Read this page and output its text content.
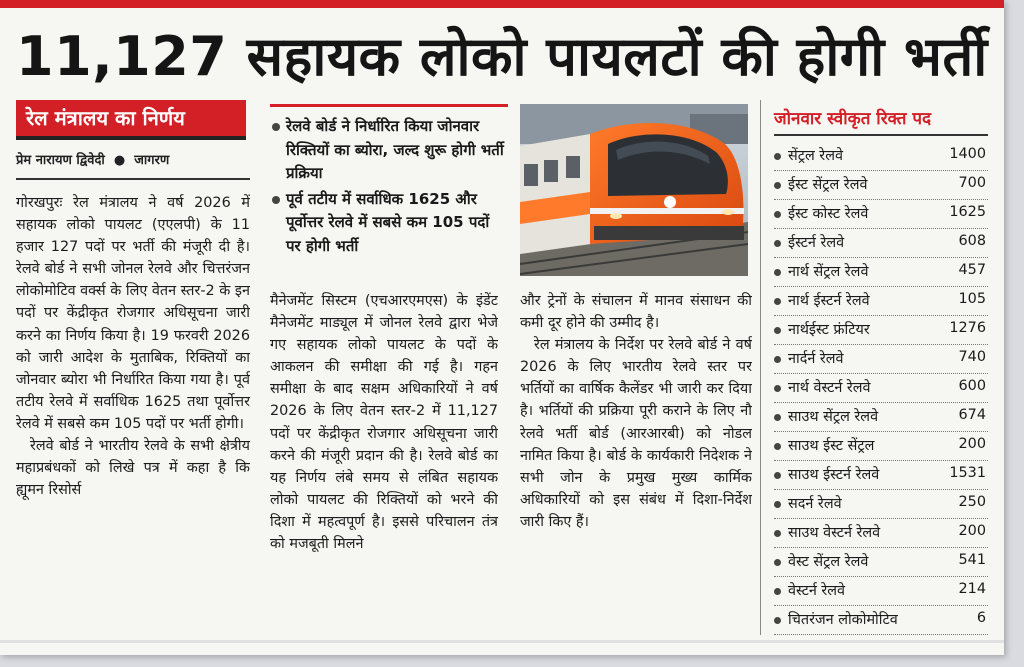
11,127 सहायक लोको पायलटों की होगी भर्ती
रेल मंत्रालय का निर्णय
प्रेम नारायण द्विवेदी  ●  जागरण

गोरखपुरः रेल मंत्रालय ने वर्ष 2026 में सहायक लोको पायलट (एएलपी) के 11 हजार 127 पदों पर भर्ती की मंजूरी दी है। रेलवे बोर्ड ने सभी जोनल रेलवे और चित्तरंजन लोकोमोटिव वर्क्स के लिए वेतन स्तर-2 के इन पदों पर केंद्रीकृत रोजगार अधिसूचना जारी करने का निर्णय किया है। 19 फरवरी 2026 को जारी आदेश के मुताबिक, रिक्तियों का जोनवार ब्योरा भी निर्धारित किया गया है। पूर्व तटीय रेलवे में सर्वाधिक 1625 तथा पूर्वोत्तर रेलवे में सबसे कम 105 पदों पर भर्ती होगी।

रेलवे बोर्ड ने भारतीय रेलवे के सभी क्षेत्रीय महाप्रबंधकों को लिखे पत्र में कहा है कि ह्यूमन रिसोर्स

रेलवे बोर्ड ने निर्धारित किया जोनवार रिक्तियों का ब्योरा, जल्द शुरू होगी भर्ती प्रक्रिया
पूर्व तटीय में सर्वाधिक 1625 और पूर्वोत्तर रेलवे में सबसे कम 105 पदों पर होगी भर्ती

मैनेजमेंट सिस्टम (एचआरएमएस) के इंडेंट मैनेजमेंट माड्यूल में जोनल रेलवे द्वारा भेजे गए सहायक लोको पायलट के पदों के आकलन की समीक्षा की गई है। गहन समीक्षा के बाद सक्षम अधिकारियों ने वर्ष 2026 के लिए वेतन स्तर-2 में 11,127 पदों पर केंद्रीकृत रोजगार अधिसूचना जारी करने की मंजूरी प्रदान की है। रेलवे बोर्ड का यह निर्णय लंबे समय से लंबित सहायक लोको पायलट की रिक्तियों को भरने की दिशा में महत्वपूर्ण है। इससे परिचालन तंत्र को मजबूती मिलने

और ट्रेनों के संचालन में मानव संसाधन की कमी दूर होने की उम्मीद है।

रेल मंत्रालय के निर्देश पर रेलवे बोर्ड ने वर्ष 2026 के लिए भारतीय रेलवे स्तर पर भर्तियों का वार्षिक कैलेंडर भी जारी कर दिया है। भर्तियों की प्रक्रिया पूरी कराने के लिए नौ रेलवे भर्ती बोर्ड (आरआरबी) को नोडल नामित किया है। बोर्ड के कार्यकारी निदेशक ने सभी जोन के प्रमुख मुख्य कार्मिक अधिकारियों को इस संबंध में दिशा-निर्देश जारी किए हैं।

जोनवार स्वीकृत रिक्त पद
सेंट्रल रेलवे	1400
ईस्ट सेंट्रल रेलवे	700
ईस्ट कोस्ट रेलवे	1625
ईस्टर्न रेलवे	608
नार्थ सेंट्रल रेलवे	457
नार्थ ईस्टर्न रेलवे	105
नार्थईस्ट फ्रंटियर	1276
नार्दर्न रेलवे	740
नार्थ वेस्टर्न रेलवे	600
साउथ सेंट्रल रेलवे	674
साउथ ईस्ट सेंट्रल	200
साउथ ईस्टर्न रेलवे	1531
सदर्न रेलवे	250
साउथ वेस्टर्न रेलवे	200
वेस्ट सेंट्रल रेलवे	541
वेस्टर्न रेलवे	214
चितरंजन लोकोमोटिव	6
